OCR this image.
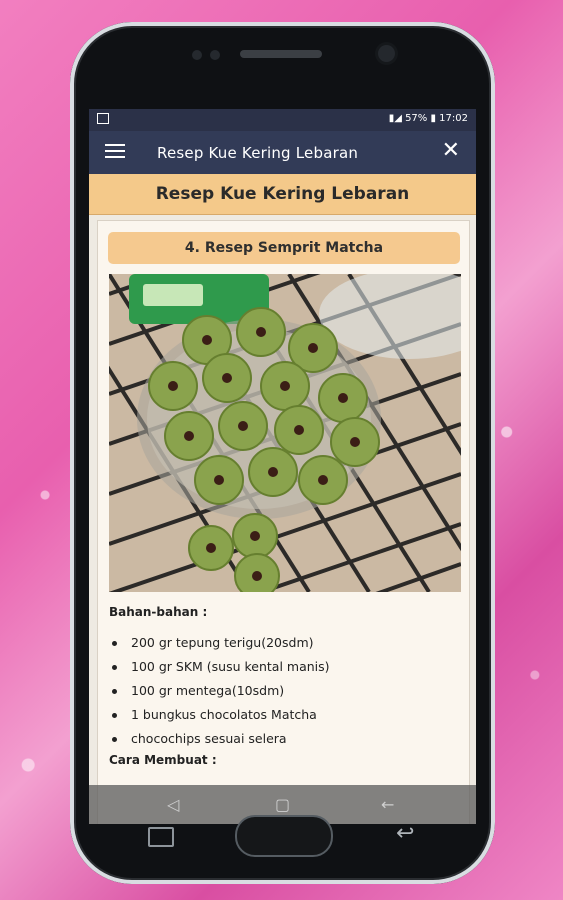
▮◢ 57% ▮ 17:02
Resep Kue Kering Lebaran	✕
Resep Kue Kering Lebaran
4. Resep Semprit Matcha
Bahan-bahan :
200 gr tepung terigu(20sdm)
100 gr SKM (susu kental manis)
100 gr mentega(10sdm)
1 bungkus chocolatos Matcha
chocochips sesuai selera
Cara Membuat :
◁	▢	←
↩
